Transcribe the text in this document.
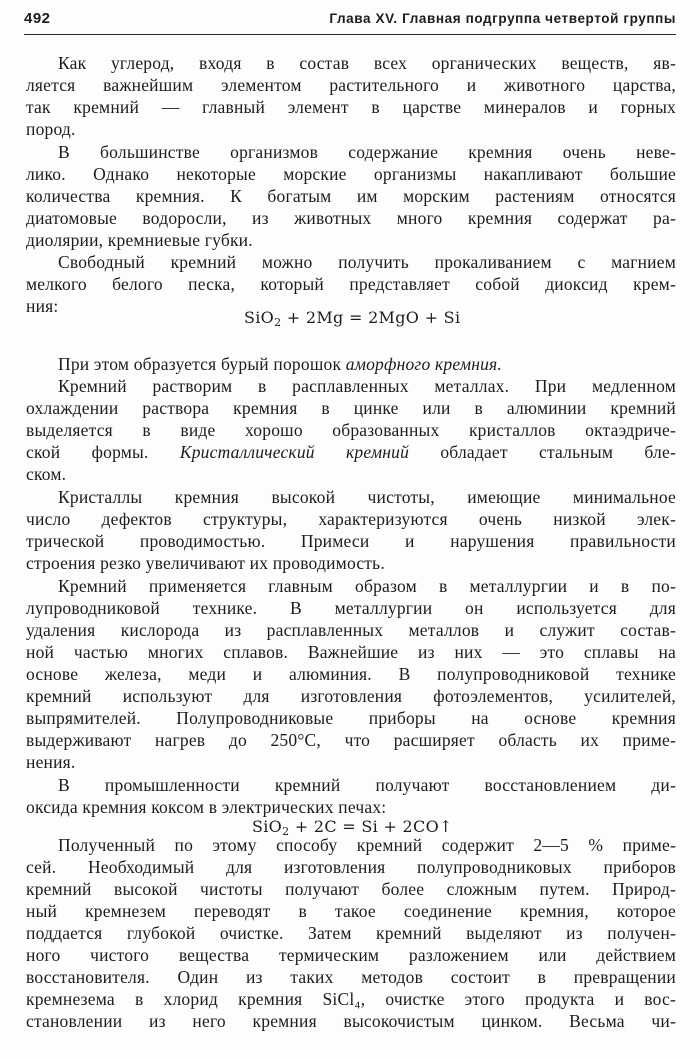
492	Глава XV. Главная подгруппа четвертой группы
Как углерод, входя в состав всех органических веществ, яв-
ляется важнейшим элементом растительного и животного царства,
так кремний — главный элемент в царстве минералов и горных
пород.
В большинстве организмов содержание кремния очень неве-
лико. Однако некоторые морские организмы накапливают большие
количества кремния. К богатым им морским растениям относятся
диатомовые водоросли, из животных много кремния содержат ра-
диолярии, кремниевые губки.
Свободный кремний можно получить прокаливанием с магнием
мелкого белого песка, который представляет собой диоксид крем-
ния:
SiO$_2$ + 2Mg = 2MgO + Si
При этом образуется бурый порошок аморфного кремния.
Кремний растворим в расплавленных металлах. При медленном
охлаждении раствора кремния в цинке или в алюминии кремний
выделяется в виде хорошо образованных кристаллов октаэдриче-
ской формы. Кристаллический кремний обладает стальным бле-
ском.
Кристаллы кремния высокой чистоты, имеющие минимальное
число дефектов структуры, характеризуются очень низкой элек-
трической проводимостью. Примеси и нарушения правильности
строения резко увеличивают их проводимость.
Кремний применяется главным образом в металлургии и в по-
лупроводниковой технике. В металлургии он используется для
удаления кислорода из расплавленных металлов и служит состав-
ной частью многих сплавов. Важнейшие из них — это сплавы на
основе железа, меди и алюминия. В полупроводниковой технике
кремний используют для изготовления фотоэлементов, усилителей,
выпрямителей. Полупроводниковые приборы на основе кремния
выдерживают нагрев до 250°С, что расширяет область их приме-
нения.
В промышленности кремний получают восстановлением ди-
оксида кремния коксом в электрических печах:
SiO$_2$ + 2C = Si + 2CO↑
Полученный по этому способу кремний содержит 2—5 % приме-
сей. Необходимый для изготовления полупроводниковых приборов
кремний высокой чистоты получают более сложным путем. Природ-
ный кремнезем переводят в такое соединение кремния, которое
поддается глубокой очистке. Затем кремний выделяют из получен-
ного чистого вещества термическим разложением или действием
восстановителя. Один из таких методов состоит в превращении
кремнезема в хлорид кремния SiCl₄, очистке этого продукта и вос-
становлении из него кремния высокочистым цинком. Весьма чи-
